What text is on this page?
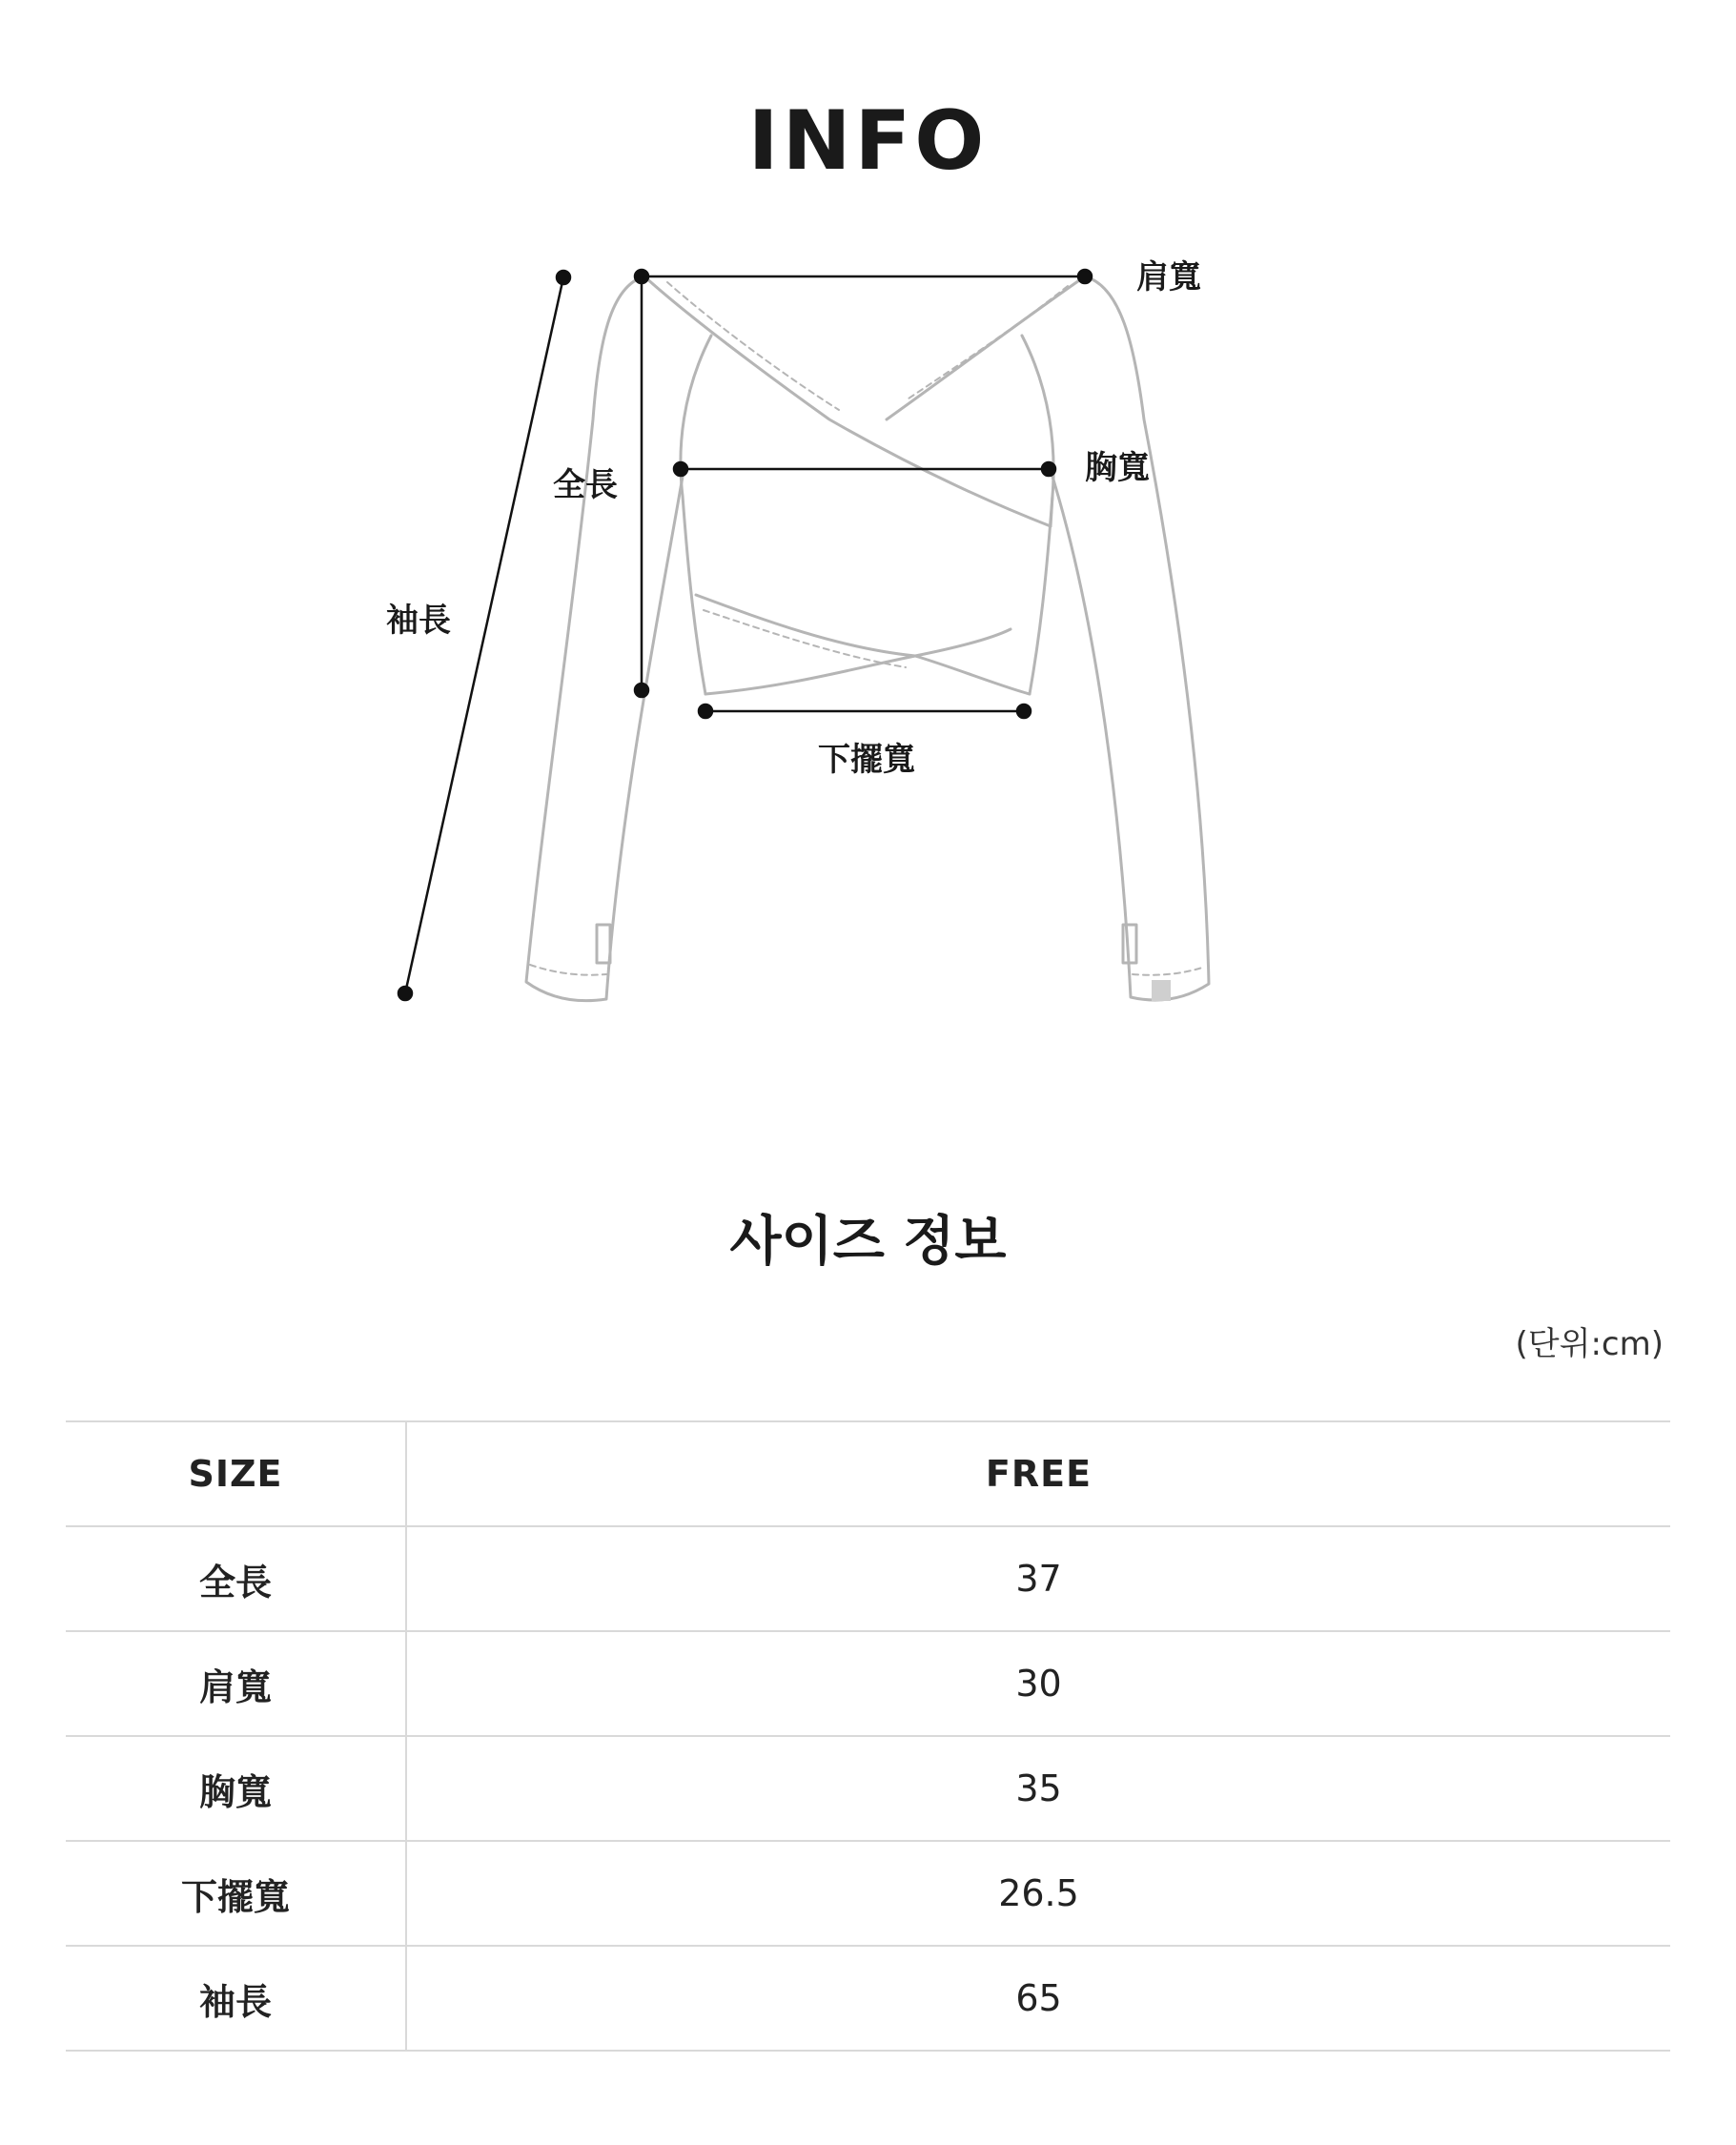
INFO
肩寬
胸寬
全長
袖長
下擺寬
사이즈 정보
(단위:cm)
SIZE	FREE
全長	37
肩寬	30
胸寬	35
下擺寬	26.5
袖長	65
